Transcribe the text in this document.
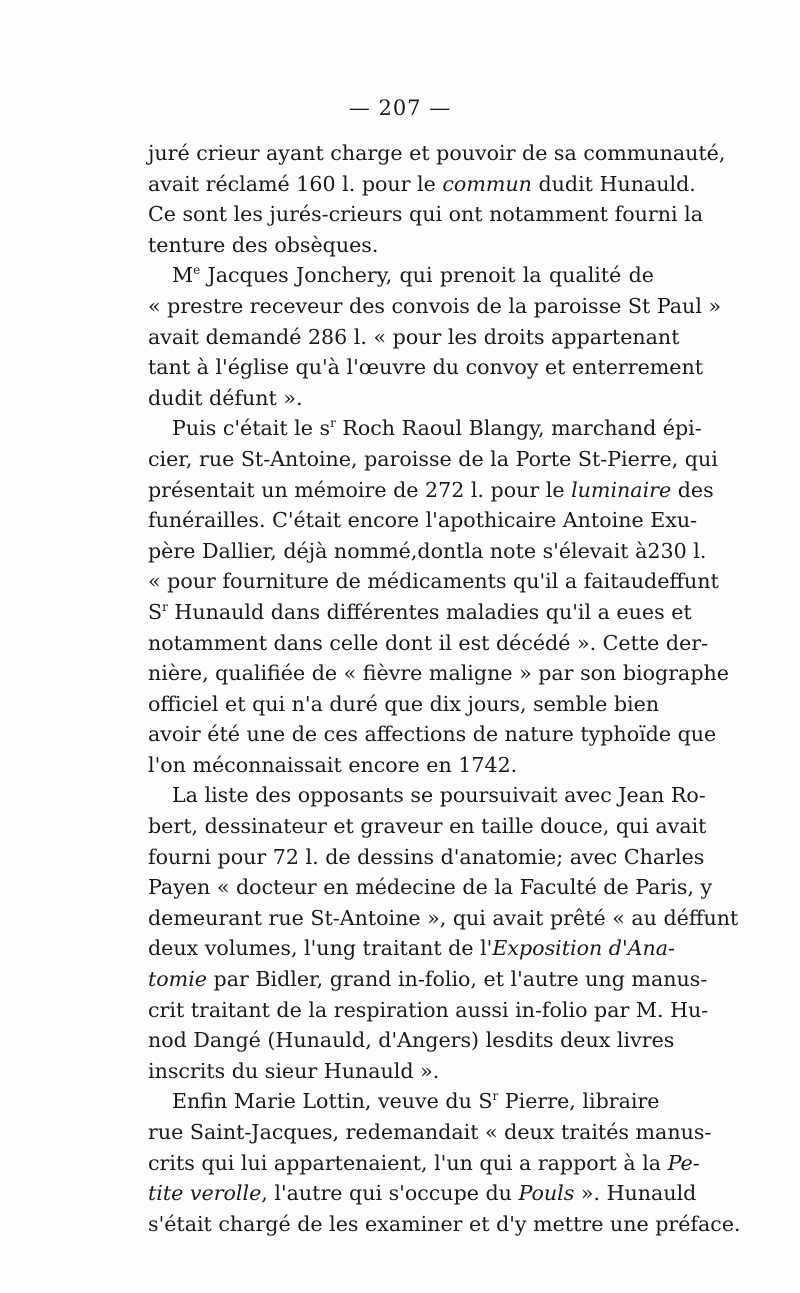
— 207 —
juré crieur ayant charge et pouvoir de sa communauté,
avait réclamé 160 l. pour le commun dudit Hunauld.
Ce sont les jurés-crieurs qui ont notamment fourni la
tenture des obsèques.
Me Jacques Jonchery, qui prenoit la qualité de
« prestre receveur des convois de la paroisse St Paul »
avait demandé 286 l. « pour les droits appartenant
tant à l'église qu'à l'œuvre du convoy et enterrement
dudit défunt ».
Puis c'était le $s^r$ Roch Raoul Blangy, marchand épi-
cier, rue St-Antoine, paroisse de la Porte St-Pierre, qui
présentait un mémoire de 272 l. pour le luminaire des
funérailles. C'était encore l'apothicaire Antoine Exu-
père Dallier, déjà nommé,dontla note s'élevait à230 l.
« pour fourniture de médicaments qu'il a faitaudeffunt
$S^r$ Hunauld dans différentes maladies qu'il a eues et
notamment dans celle dont il est décédé ». Cette der-
nière, qualifiée de « fièvre maligne » par son biographe
officiel et qui n'a duré que dix jours, semble bien
avoir été une de ces affections de nature typhoïde que
l'on méconnaissait encore en 1742.
La liste des opposants se poursuivait avec Jean Ro-
bert, dessinateur et graveur en taille douce, qui avait
fourni pour 72 l. de dessins d'anatomie; avec Charles
Payen « docteur en médecine de la Faculté de Paris, y
demeurant rue St-Antoine », qui avait prêté « au déffunt
deux volumes, l'ung traitant de l'Exposition d'Ana-
tomie par Bidler, grand in-folio, et l'autre ung manus-
crit traitant de la respiration aussi in-folio par M. Hu-
nod Dangé (Hunauld, d'Angers) lesdits deux livres
inscrits du sieur Hunauld ».
Enfin Marie Lottin, veuve du $S^r$ Pierre, libraire
rue Saint-Jacques, redemandait « deux traités manus-
crits qui lui appartenaient, l'un qui a rapport à la Pe-
tite verolle, l'autre qui s'occupe du Pouls ». Hunauld
s'était chargé de les examiner et d'y mettre une préface.
